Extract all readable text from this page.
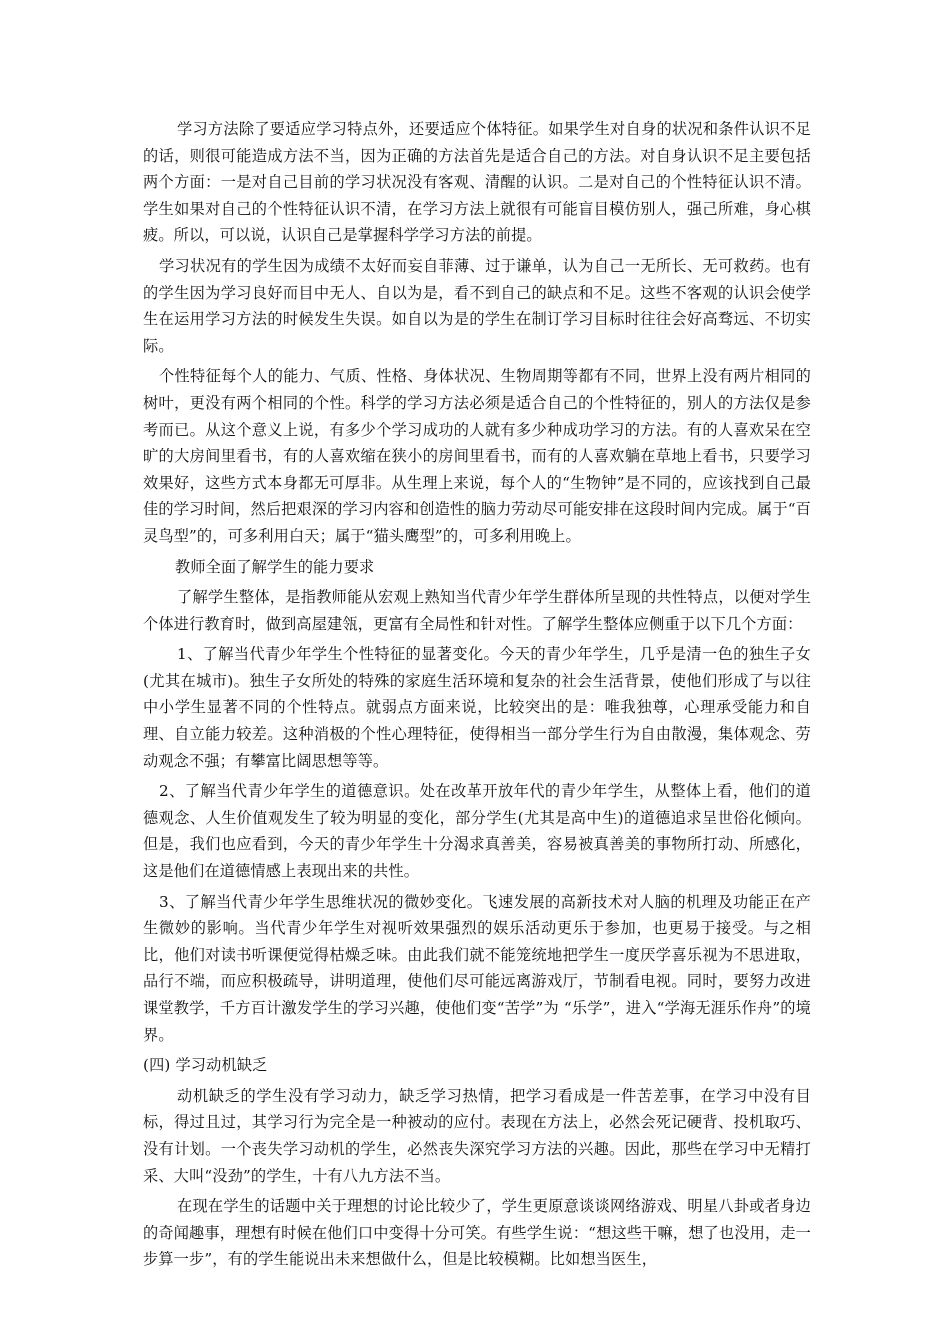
学习方法除了要适应学习特点外，还要适应个体特征。如果学生对自身的状况和条件认识不足的话，则很可能造成方法不当，因为正确的方法首先是适合自己的方法。对自身认识不足主要包括两个方面：一是对自己目前的学习状况没有客观、清醒的认识。二是对自己的个性特征认识不清。学生如果对自己的个性特征认识不清，在学习方法上就很有可能盲目模仿别人，强己所难，身心棋疲。所以，可以说，认识自己是掌握科学学习方法的前提。

学习状况有的学生因为成绩不太好而妄自菲薄、过于谦单，认为自己一无所长、无可救药。也有的学生因为学习良好而目中无人、自以为是，看不到自己的缺点和不足。这些不客观的认识会使学生在运用学习方法的时候发生失误。如自以为是的学生在制订学习目标时往往会好高骛远、不切实际。

个性特征每个人的能力、气质、性格、身体状况、生物周期等都有不同，世界上没有两片相同的树叶，更没有两个相同的个性。科学的学习方法必须是适合自己的个性特征的，别人的方法仅是参考而已。从这个意义上说，有多少个学习成功的人就有多少种成功学习的方法。有的人喜欢呆在空旷的大房间里看书，有的人喜欢缩在狭小的房间里看书，而有的人喜欢躺在草地上看书，只要学习效果好，这些方式本身都无可厚非。从生理上来说，每个人的“生物钟”是不同的，应该找到自己最佳的学习时间，然后把艰深的学习内容和创造性的脑力劳动尽可能安排在这段时间内完成。属于“百灵鸟型”的，可多利用白天；属于“猫头鹰型”的，可多利用晚上。

教师全面了解学生的能力要求

了解学生整体，是指教师能从宏观上熟知当代青少年学生群体所呈现的共性特点，以便对学生个体进行教育时，做到高屋建瓴，更富有全局性和针对性。了解学生整体应侧重于以下几个方面：

1、了解当代青少年学生个性特征的显著变化。今天的青少年学生，几乎是清一色的独生子女(尤其在城市)。独生子女所处的特殊的家庭生活环境和复杂的社会生活背景，使他们形成了与以往中小学生显著不同的个性特点。就弱点方面来说，比较突出的是：唯我独尊，心理承受能力和自理、自立能力较差。这种消极的个性心理特征，使得相当一部分学生行为自由散漫，集体观念、劳动观念不强；有攀富比阔思想等等。

2、了解当代青少年学生的道德意识。处在改革开放年代的青少年学生，从整体上看，他们的道德观念、人生价值观发生了较为明显的变化，部分学生(尤其是高中生)的道德追求呈世俗化倾向。但是，我们也应看到，今天的青少年学生十分渴求真善美，容易被真善美的事物所打动、所感化，这是他们在道德情感上表现出来的共性。

3、了解当代青少年学生思维状况的微妙变化。飞速发展的高新技术对人脑的机理及功能正在产生微妙的影响。当代青少年学生对视听效果强烈的娱乐活动更乐于参加，也更易于接受。与之相比，他们对读书听课便觉得枯燥乏味。由此我们就不能笼统地把学生一度厌学喜乐视为不思进取，品行不端，而应积极疏导，讲明道理，使他们尽可能远离游戏厅，节制看电视。同时，要努力改进课堂教学，千方百计激发学生的学习兴趣，使他们变“苦学”为 “乐学”，进入“学海无涯乐作舟”的境界。

(四) 学习动机缺乏

动机缺乏的学生没有学习动力，缺乏学习热情，把学习看成是一件苦差事，在学习中没有目标，得过且过，其学习行为完全是一种被动的应付。表现在方法上，必然会死记硬背、投机取巧、没有计划。一个丧失学习动机的学生，必然丧失深究学习方法的兴趣。因此，那些在学习中无精打采、大叫“没劲”的学生，十有八九方法不当。

在现在学生的话题中关于理想的讨论比较少了，学生更原意谈谈网络游戏、明星八卦或者身边的奇闻趣事，理想有时候在他们口中变得十分可笑。有些学生说：“想这些干嘛，想了也没用，走一步算一步”，有的学生能说出未来想做什么，但是比较模糊。比如想当医生，
